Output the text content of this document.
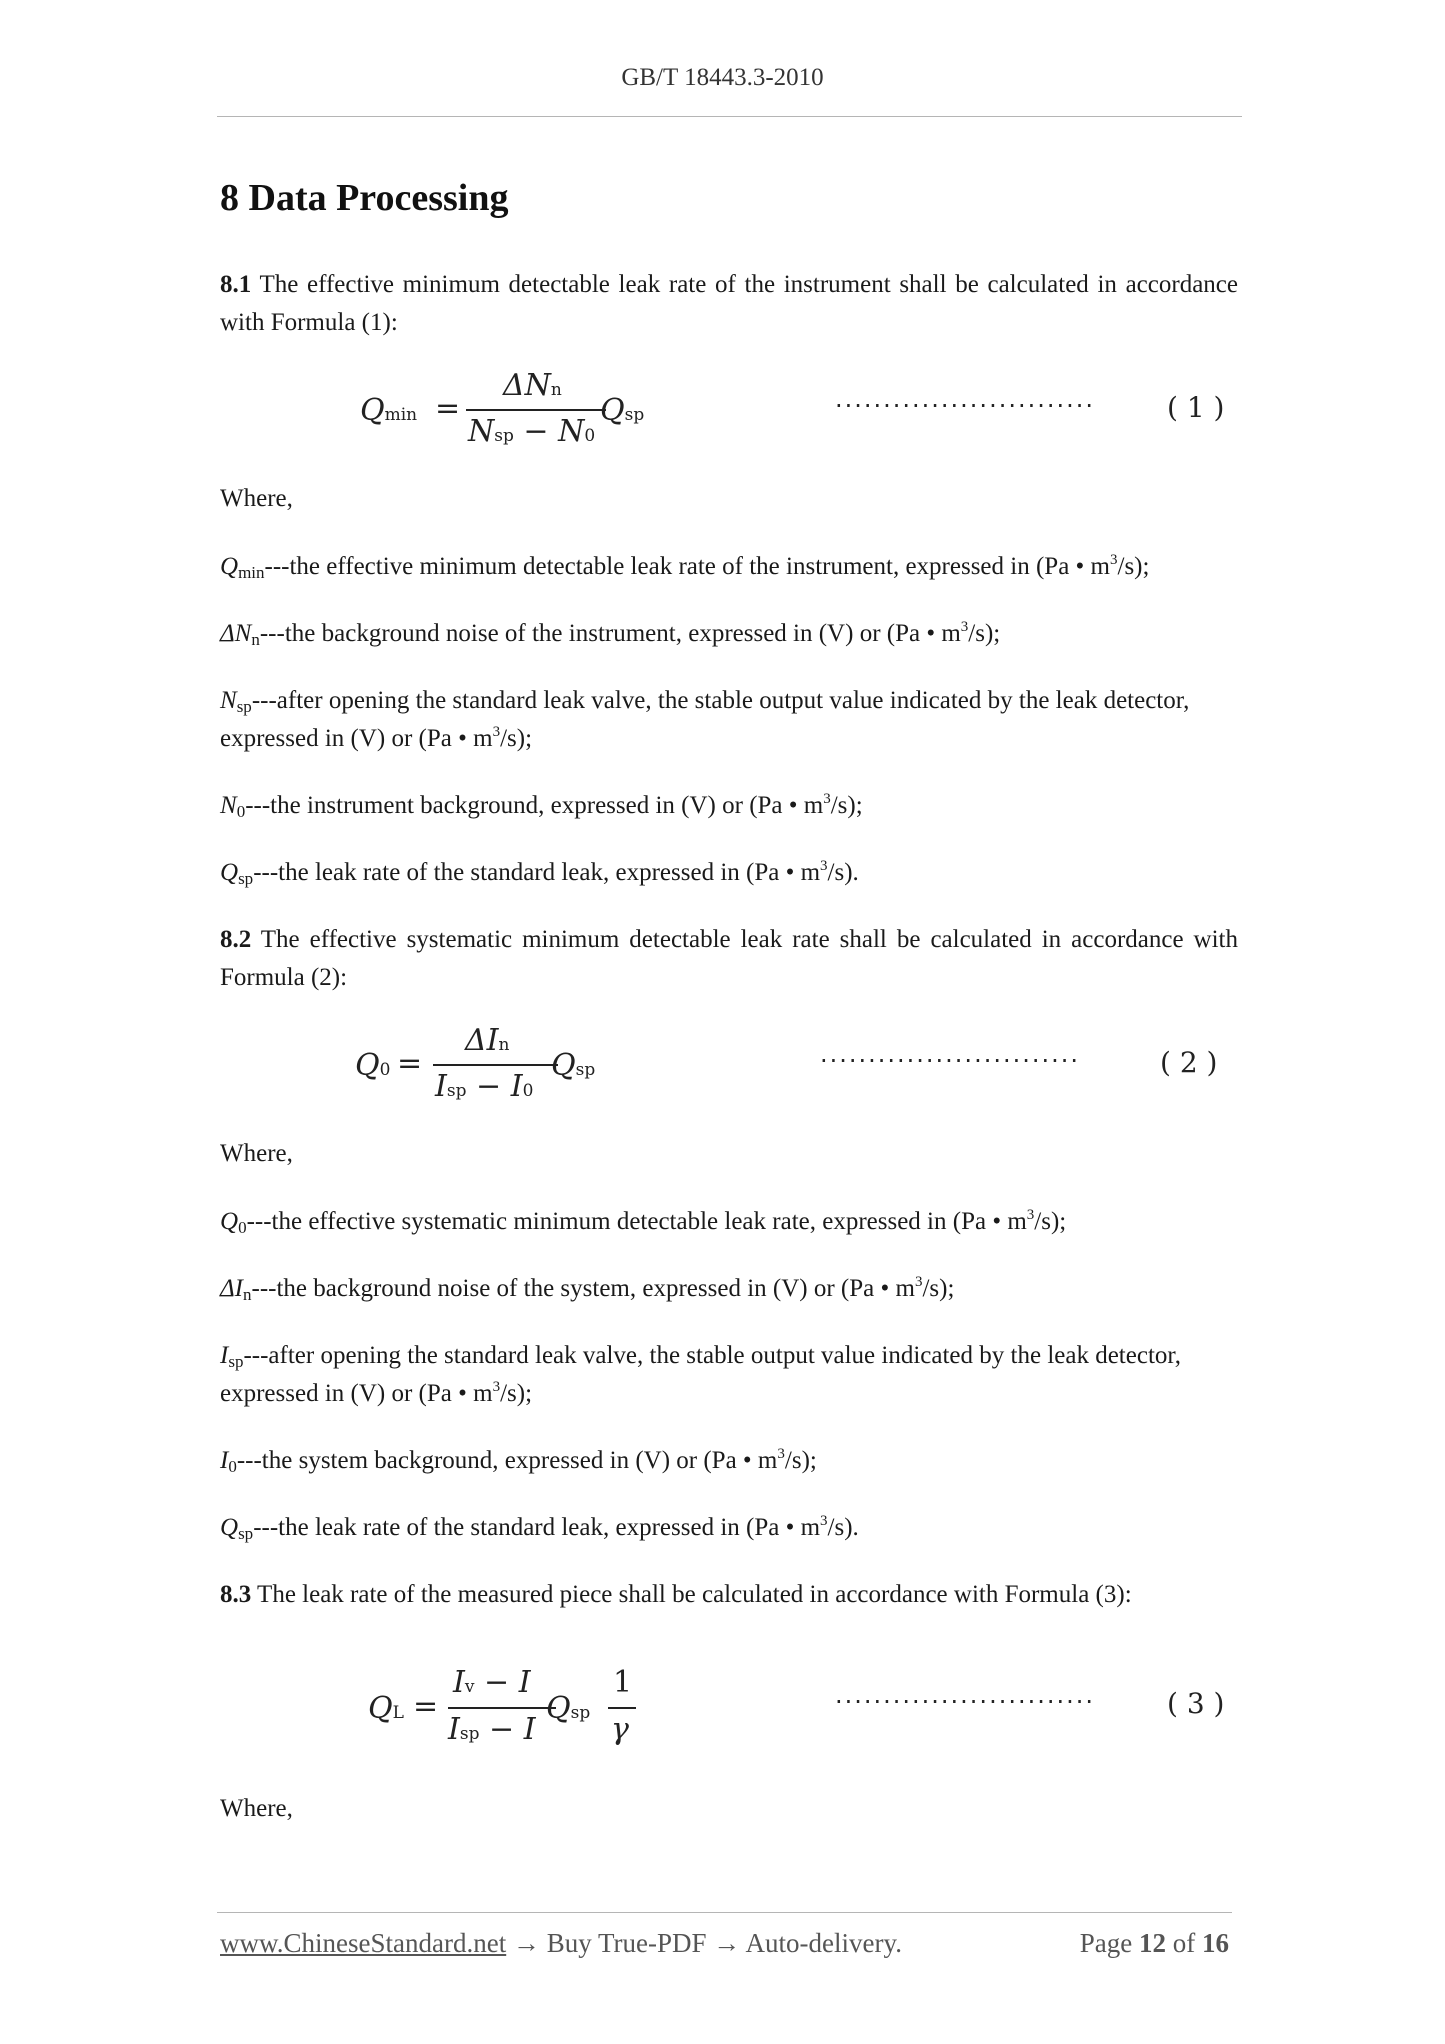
GB/T 18443.3-2010
8 Data Processing

8.1 The effective minimum detectable leak rate of the instrument shall be calculated in accordance with Formula (1):

Qmin =
ΔNn
Nsp − N0
Qsp	···························	( 1 )

Where,

$Q_{min}--$-the effective minimum detectable leak rate of the instrument, expressed in (Pa • $m^3/s$);

$\Delta N_n--$-the background noise of the instrument, expressed in (V) or (Pa • $m^3/s$);

$N_{sp}--$-after opening the standard leak valve, the stable output value indicated by the leak detector, expressed in (V) or (Pa • $m^3/s$);

$N_0--$-the instrument background, expressed in (V) or (Pa • $m^3/s$);

$Q_{sp}--$-the leak rate of the standard leak, expressed in (Pa • $m^3/s$).

8.2 The effective systematic minimum detectable leak rate shall be calculated in accordance with Formula (2):

Q0 =
ΔIn
Isp − I0
Qsp	···························	( 2 )

Where,

$Q_0--$-the effective systematic minimum detectable leak rate, expressed in (Pa • $m^3/s$);

$\Delta I_n--$-the background noise of the system, expressed in (V) or (Pa • $m^3/s$);

$I_{sp}--$-after opening the standard leak valve, the stable output value indicated by the leak detector, expressed in (V) or (Pa • $m^3/s$);

$I_0--$-the system background, expressed in (V) or (Pa • $m^3/s$);

$Q_{sp}--$-the leak rate of the standard leak, expressed in (Pa • $m^3/s$).

8.3 The leak rate of the measured piece shall be calculated in accordance with Formula (3):

QL =
Iv − I
Isp − I
Qsp
1
γ
···························	( 3 )

Where,

www.ChineseStandard.net → Buy True-PDF → Auto-delivery.	Page 12 of 16
